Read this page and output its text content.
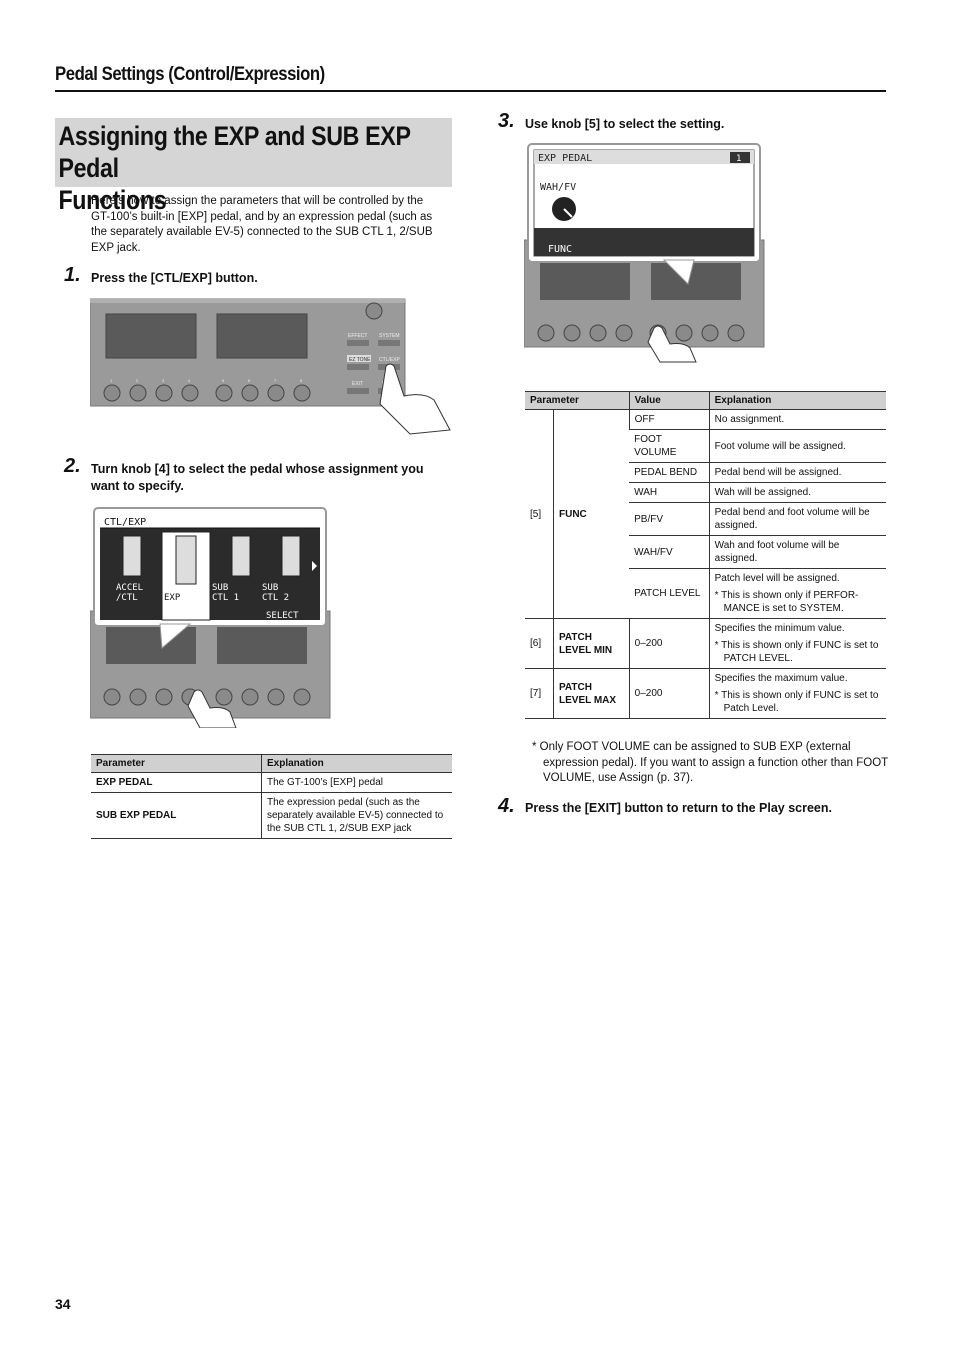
Pedal Settings (Control/Expression)
Assigning the EXP and SUB EXP Pedal
Functions
Here’s how to assign the parameters that will be controlled by the GT-100’s built-in [EXP] pedal, and by an expression pedal (such as the separately available EV-5) connected to the SUB CTL 1, 2/SUB EXP jack.
1. Press the [CTL/EXP] button.
EFFECT SYSTEM
EZ TONE CTL/EXP
EXIT
1	2	3	4	5	6	7	8
2. Turn knob [4] to select the pedal whose assignment you want to specify.
CTL/EXP
ACCEL
/CTL	EXP
SUB
CTL 1
SUB
CTL 2
SELECT
Parameter	Explanation
EXP PEDAL	The GT-100’s [EXP] pedal
SUB EXP PEDAL	The expression pedal (such as the separately available EV-5) connected to the SUB CTL 1, 2/SUB EXP jack
3. Use knob [5] to select the setting.
EXP PEDAL	1
WAH/FV
FUNC
Parameter		Value	Explanation
[5]	FUNC	OFF	No assignment.
		FOOT VOLUME	Foot volume will be assigned.
		PEDAL BEND	Pedal bend will be assigned.
		WAH	Wah will be assigned.
		PB/FV	Pedal bend and foot volume will be assigned.
		WAH/FV	Wah and foot volume will be assigned.
		PATCH LEVEL	Patch level will be assigned.
* This is shown only if PERFOR-MANCE is set to SYSTEM.

[6]	PATCH LEVEL MIN	0–200	Specifies the minimum value.
* This is shown only if FUNC is set to PATCH LEVEL.

[7]	PATCH LEVEL MAX	0–200	Specifies the maximum value.
* This is shown only if FUNC is set to Patch Level.
* Only FOOT VOLUME can be assigned to SUB EXP (external expression pedal). If you want to assign a function other than FOOT VOLUME, use Assign (p. 37).
4. Press the [EXIT] button to return to the Play screen.
34
